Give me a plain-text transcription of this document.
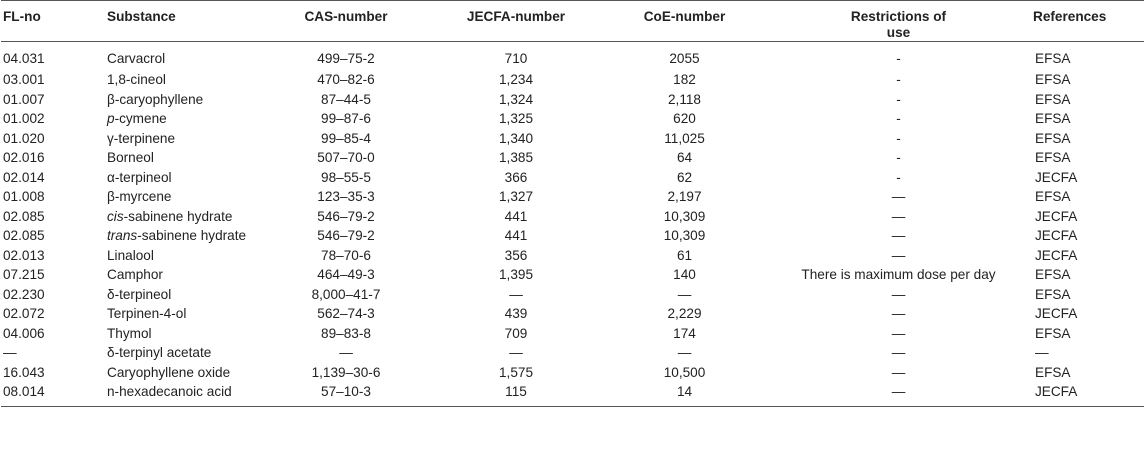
FL-no	Substance	CAS-number	JECFA-number	CoE-number	Restrictions of use	References
04.031	Carvacrol	499–75-2	710	2055	-	EFSA
03.001	1,8-cineol	470–82-6	1,234	182	-	EFSA
01.007	β-caryophyllene	87–44-5	1,324	2,118	-	EFSA
01.002	p-cymene	99–87-6	1,325	620	-	EFSA
01.020	γ-terpinene	99–85-4	1,340	11,025	-	EFSA
02.016	Borneol	507–70-0	1,385	64	-	EFSA
02.014	α-terpineol	98–55-5	366	62	-	JECFA
01.008	β-myrcene	123–35-3	1,327	2,197	—	EFSA
02.085	cis-sabinene hydrate	546–79-2	441	10,309	—	JECFA
02.085	trans-sabinene hydrate	546–79-2	441	10,309	—	JECFA
02.013	Linalool	78–70-6	356	61	—	JECFA
07.215	Camphor	464–49-3	1,395	140	There is maximum dose per day	EFSA
02.230	δ-terpineol	8,000–41-7	—	—	—	EFSA
02.072	Terpinen-4-ol	562–74-3	439	2,229	—	JECFA
04.006	Thymol	89–83-8	709	174	—	EFSA
—	δ-terpinyl acetate	—	—	—	—	—
16.043	Caryophyllene oxide	1,139–30-6	1,575	10,500	—	EFSA
08.014	n-hexadecanoic acid	57–10-3	115	14	—	JECFA
